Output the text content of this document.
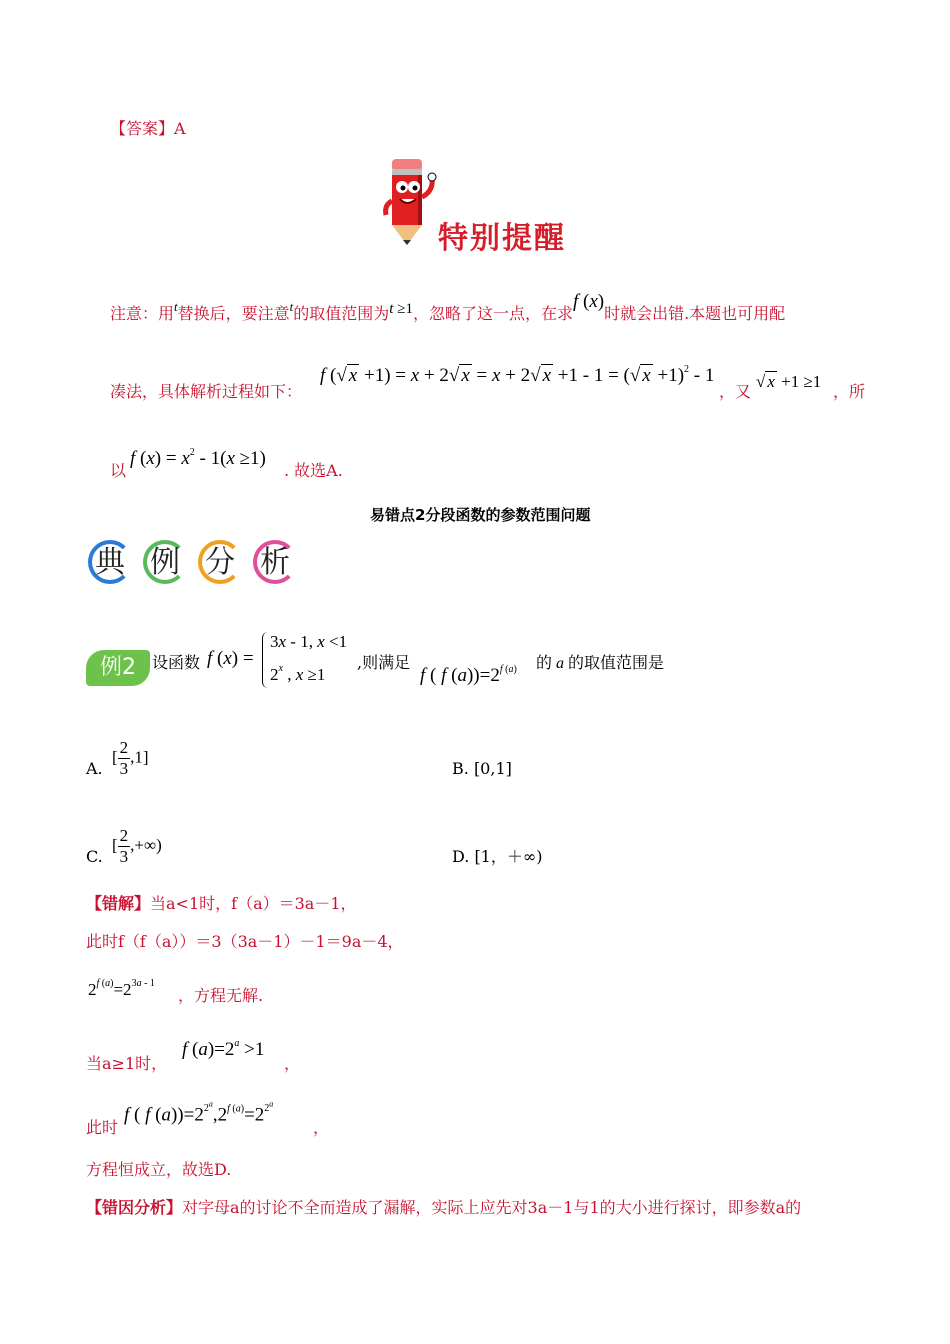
【答案】A
特别提醒
注意：用$^t$替换后，要注意$^t$的取值范围为t ≥1，忽略了这一点，在求f (x)时就会出错.本题也可用配
凑法，具体解析过程如下：
f (√ x +1) = x + 2√ x = x + 2√ x +1 - 1 = (√ x +1)$^2$ - 1
，又
√ x +1 ≥1
，所
以
f $(x) = x^2 - 1(x \ge 1)$
. 故选A.
易错点2分段函数的参数范围问题
典 例 分 析
例2	设函数 f (x) =
3x - 1, x <1
2$^x$ , x ≥1
,则满足
f ( f $(a))=2^{f (a)}$ 的 a 的取值范围是
A.
[ $\frac{2}{3} ,1$]
B. [0,1]
C.
[ $\frac{2}{3}$ ,+∞)
D. [1，＋∞)
【错解】当a<1时，f（a）＝3a－1，
此时f（f（a））＝3（3a－1）－1＝9a－4，
$2^{f (a)}=2^{3a - 1}$
，方程无解.
当a≥1时，
f $(a)=2^a >1$
，
此时
f ( f $(a))=2^{2^a},2^{f (a)}=2^{2^a}$
，
方程恒成立，故选D.
【错因分析】对字母a的讨论不全而造成了漏解，实际上应先对3a－1与1的大小进行探讨，即参数a的
